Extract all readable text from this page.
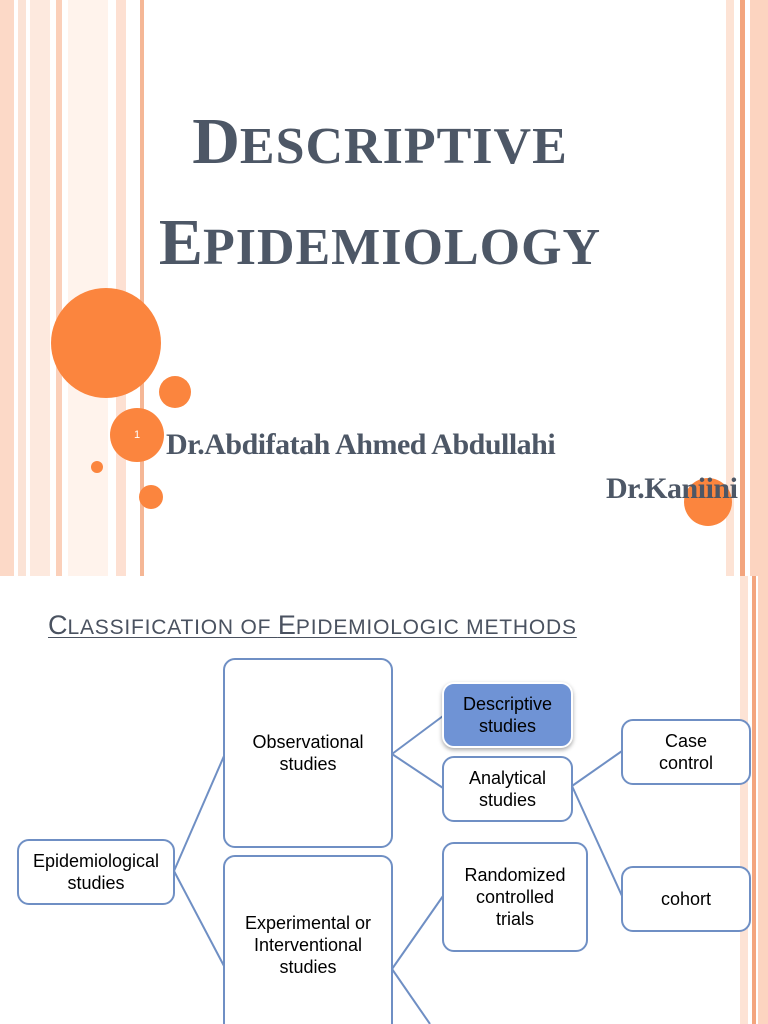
1
DESCRIPTIVE
EPIDEMIOLOGY
Dr.Abdifatah Ahmed Abdullahi
Dr.Kaniini
CLASSIFICATION OF EPIDEMIOLOGIC METHODS
Epidemiological
studies
Observational
studies
Experimental or
Interventional
studies
Descriptive
studies
Analytical
studies
Randomized
controlled
trials
Case
control
cohort
